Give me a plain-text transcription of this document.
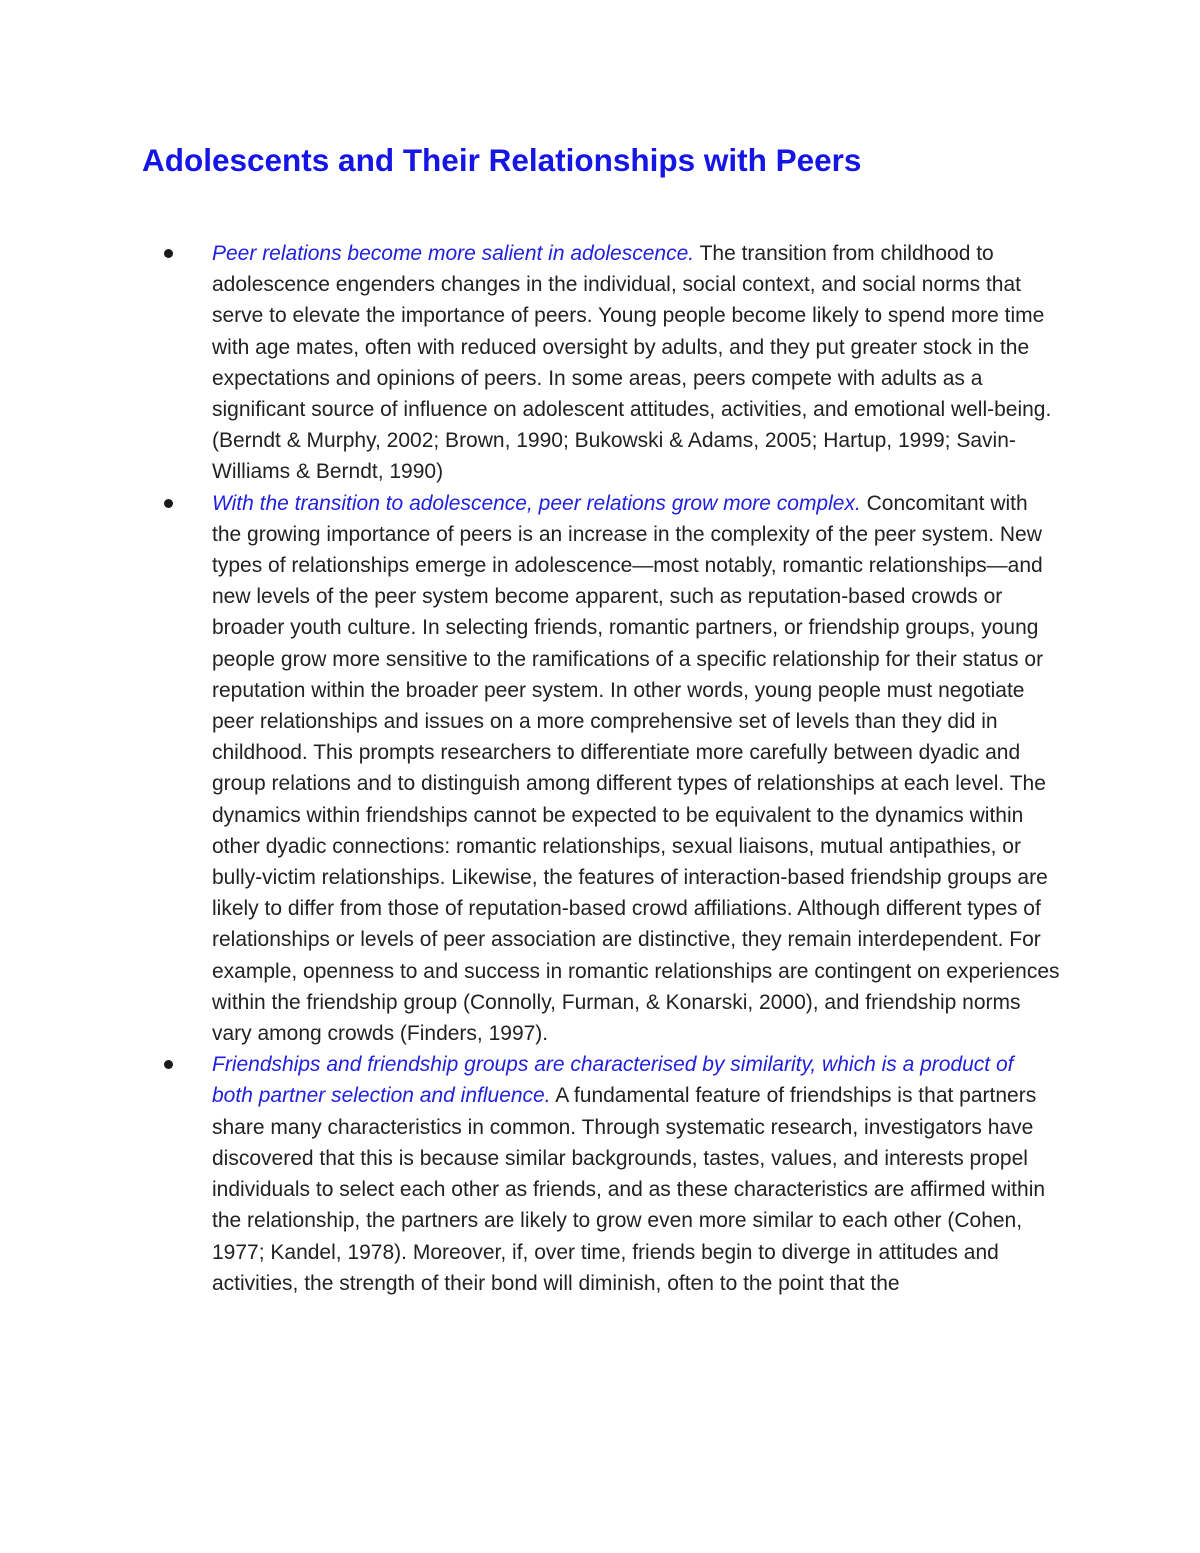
Adolescents and Their Relationships with Peers
Peer relations become more salient in adolescence. The transition from childhood to adolescence engenders changes in the individual, social context, and social norms that serve to elevate the importance of peers. Young people become likely to spend more time with age mates, often with reduced oversight by adults, and they put greater stock in the expectations and opinions of peers. In some areas, peers compete with adults as a significant source of influence on adolescent attitudes, activities, and emotional well-being.(Berndt & Murphy, 2002; Brown, 1990; Bukowski & Adams, 2005; Hartup, 1999; Savin-Williams & Berndt, 1990)
With the transition to adolescence, peer relations grow more complex. Concomitant with the growing importance of peers is an increase in the complexity of the peer system. New types of relationships emerge in adolescence—most notably, romantic relationships—and new levels of the peer system become apparent, such as reputation-based crowds or broader youth culture. In selecting friends, romantic partners, or friendship groups, young people grow more sensitive to the ramifications of a specific relationship for their status or reputation within the broader peer system. In other words, young people must negotiate peer relationships and issues on a more comprehensive set of levels than they did in childhood. This prompts researchers to differentiate more carefully between dyadic and group relations and to distinguish among different types of relationships at each level. The dynamics within friendships cannot be expected to be equivalent to the dynamics within other dyadic connections: romantic relationships, sexual liaisons, mutual antipathies, or bully-victim relationships. Likewise, the features of interaction-based friendship groups are likely to differ from those of reputation-based crowd affiliations. Although different types of relationships or levels of peer association are distinctive, they remain interdependent. For example, openness to and success in romantic relationships are contingent on experiences within the friendship group (Connolly, Furman, & Konarski, 2000), and friendship norms vary among crowds (Finders, 1997).
Friendships and friendship groups are characterised by similarity, which is a product of both partner selection and influence. A fundamental feature of friendships is that partners share many characteristics in common. Through systematic research, investigators have discovered that this is because similar backgrounds, tastes, values, and interests propel individuals to select each other as friends, and as these characteristics are affirmed within the relationship, the partners are likely to grow even more similar to each other (Cohen, 1977; Kandel, 1978). Moreover, if, over time, friends begin to diverge in attitudes and activities, the strength of their bond will diminish, often to the point that the
